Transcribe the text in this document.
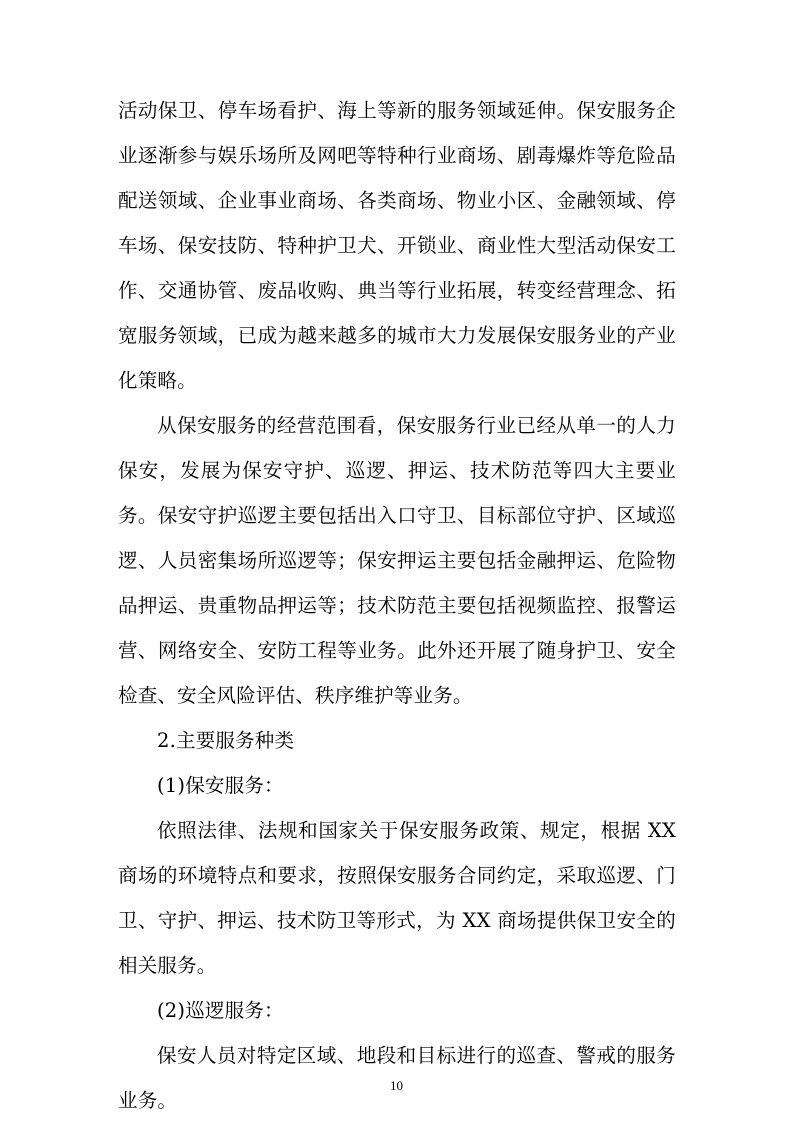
活动保卫、停车场看护、海上等新的服务领域延伸。保安服务企业逐渐参与娱乐场所及网吧等特种行业商场、剧毒爆炸等危险品配送领域、企业事业商场、各类商场、物业小区、金融领域、停车场、保安技防、特种护卫犬、开锁业、商业性大型活动保安工作、交通协管、废品收购、典当等行业拓展，转变经营理念、拓宽服务领域，已成为越来越多的城市大力发展保安服务业的产业化策略。

从保安服务的经营范围看，保安服务行业已经从单一的人力保安，发展为保安守护、巡逻、押运、技术防范等四大主要业务。保安守护巡逻主要包括出入口守卫、目标部位守护、区域巡逻、人员密集场所巡逻等；保安押运主要包括金融押运、危险物品押运、贵重物品押运等；技术防范主要包括视频监控、报警运营、网络安全、安防工程等业务。此外还开展了随身护卫、安全检查、安全风险评估、秩序维护等业务。

2.主要服务种类

(1)保安服务：

依照法律、法规和国家关于保安服务政策、规定，根据 XX 商场的环境特点和要求，按照保安服务合同约定，采取巡逻、门卫、守护、押运、技术防卫等形式，为 XX 商场提供保卫安全的相关服务。

(2)巡逻服务：

保安人员对特定区域、地段和目标进行的巡查、警戒的服务业务。

10
